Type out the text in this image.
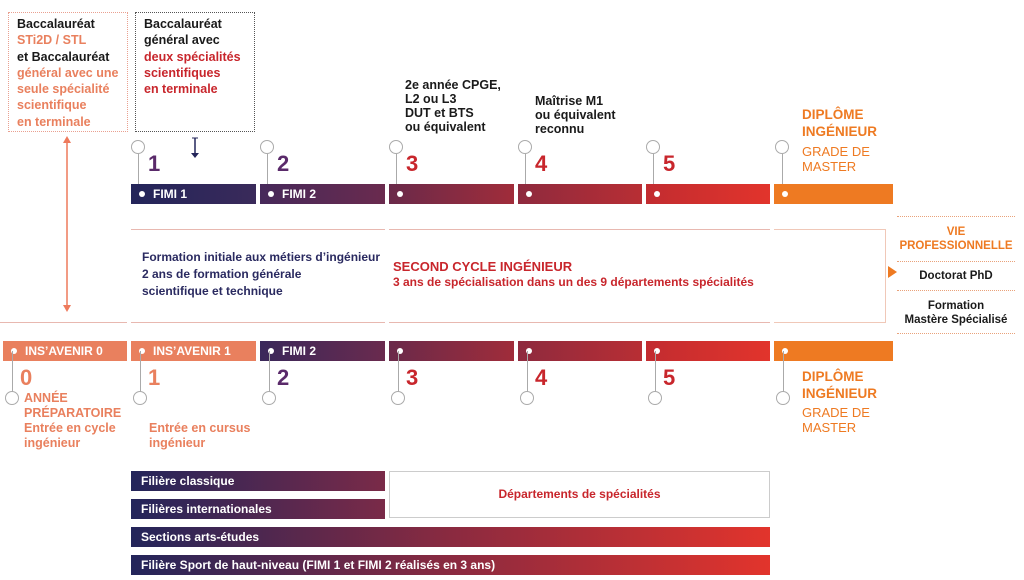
Baccalauréat
STi2D / STL
et Baccalauréat
général avec une
seule spécialité
scientifique
en terminale
Baccalauréat
général avec
deux spécialités
scientifiques
en terminale	2e année CPGE,
L2 ou L3
DUT et BTS
ou équivalent
Maîtrise M1
ou équivalent
reconnu
1	2	3	4	5
DIPLÔME
INGÉNIEUR
GRADE DE
MASTER
FIMI 1	FIMI 2
Formation initiale aux métiers d’ingénieur
2 ans de formation générale
scientifique et technique
SECOND CYCLE INGÉNIEUR
3 ans de spécialisation dans un des 9 départements spécialités
VIE
PROFESSIONNELLE
Doctorat PhD
Formation
Mastère Spécialisé
INS’AVENIR 0	INS’AVENIR 1	FIMI 2
0	1	2	3	4	5
ANNÉE
PRÉPARATOIRE
Entrée en cycle
ingénieur
Entrée en cursus
ingénieur
DIPLÔME
INGÉNIEUR
GRADE DE
MASTER
Filière classique
Filières internationales
Sections arts-études
Filière Sport de haut-niveau (FIMI 1 et FIMI 2 réalisés en 3 ans)
Départements de spécialités
